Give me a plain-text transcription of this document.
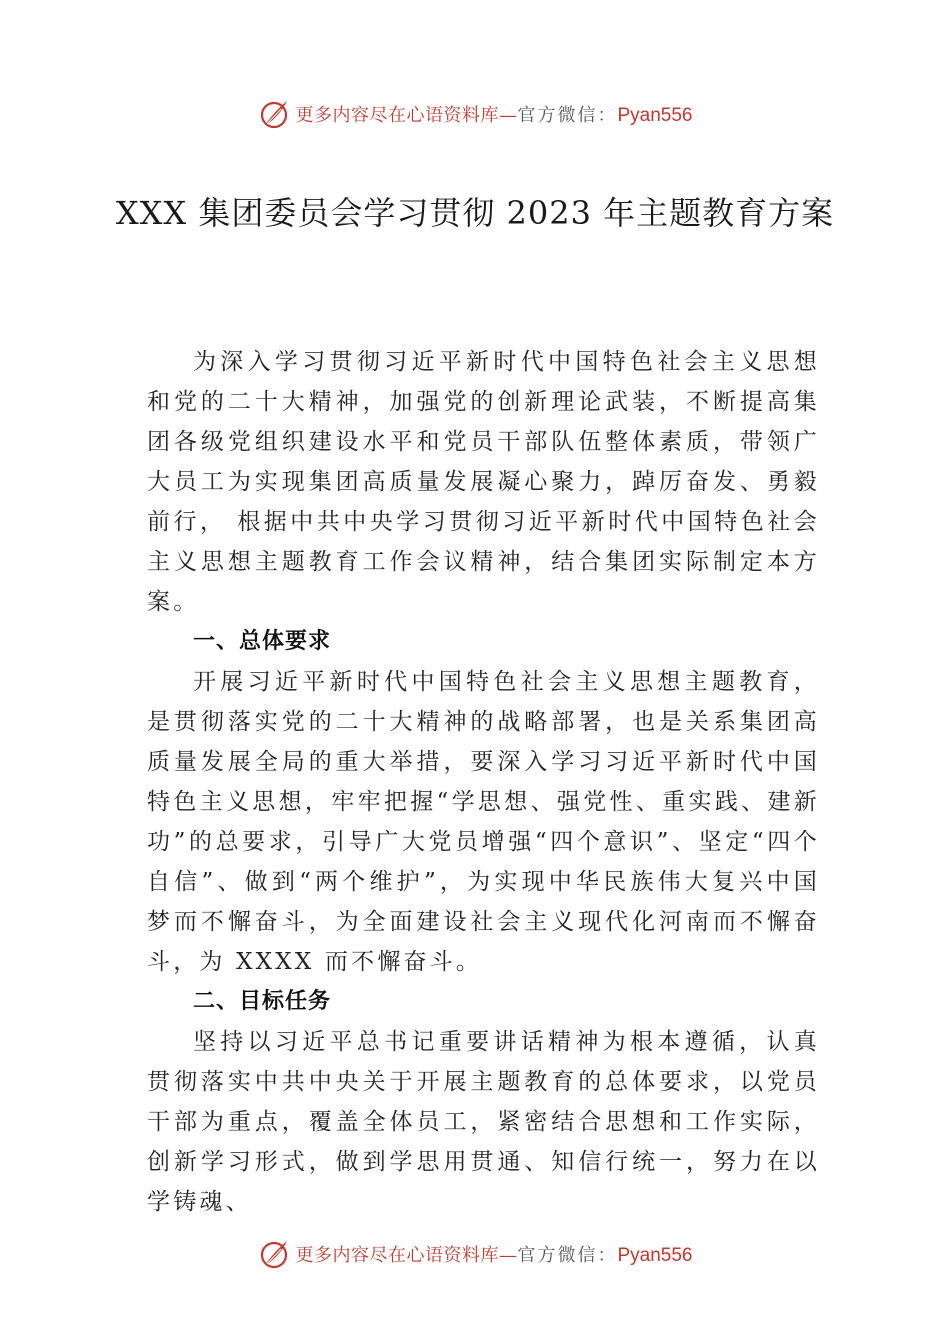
更多内容尽在心语资料库—官方微信：Pyan556
XXX 集团委员会学习贯彻 2023 年主题教育方案

为深入学习贯彻习近平新时代中国特色社会主义思想和党的二十大精神，加强党的创新理论武装，不断提高集团各级党组织建设水平和党员干部队伍整体素质，带领广大员工为实现集团高质量发展凝心聚力，踔厉奋发、勇毅前行， 根据中共中央学习贯彻习近平新时代中国特色社会主义思想主题教育工作会议精神，结合集团实际制定本方案。

一、总体要求

开展习近平新时代中国特色社会主义思想主题教育，是贯彻落实党的二十大精神的战略部署，也是关系集团高质量发展全局的重大举措，要深入学习习近平新时代中国特色主义思想，牢牢把握“学思想、强党性、重实践、建新功”的总要求，引导广大党员增强“四个意识”、坚定“四个自信”、做到“两个维护”，为实现中华民族伟大复兴中国梦而不懈奋斗，为全面建设社会主义现代化河南而不懈奋斗，为 XXXX 而不懈奋斗。

二、目标任务

坚持以习近平总书记重要讲话精神为根本遵循，认真贯彻落实中共中央关于开展主题教育的总体要求，以党员干部为重点，覆盖全体员工，紧密结合思想和工作实际，创新学习形式，做到学思用贯通、知信行统一，努力在以学铸魂、

更多内容尽在心语资料库—官方微信：Pyan556
